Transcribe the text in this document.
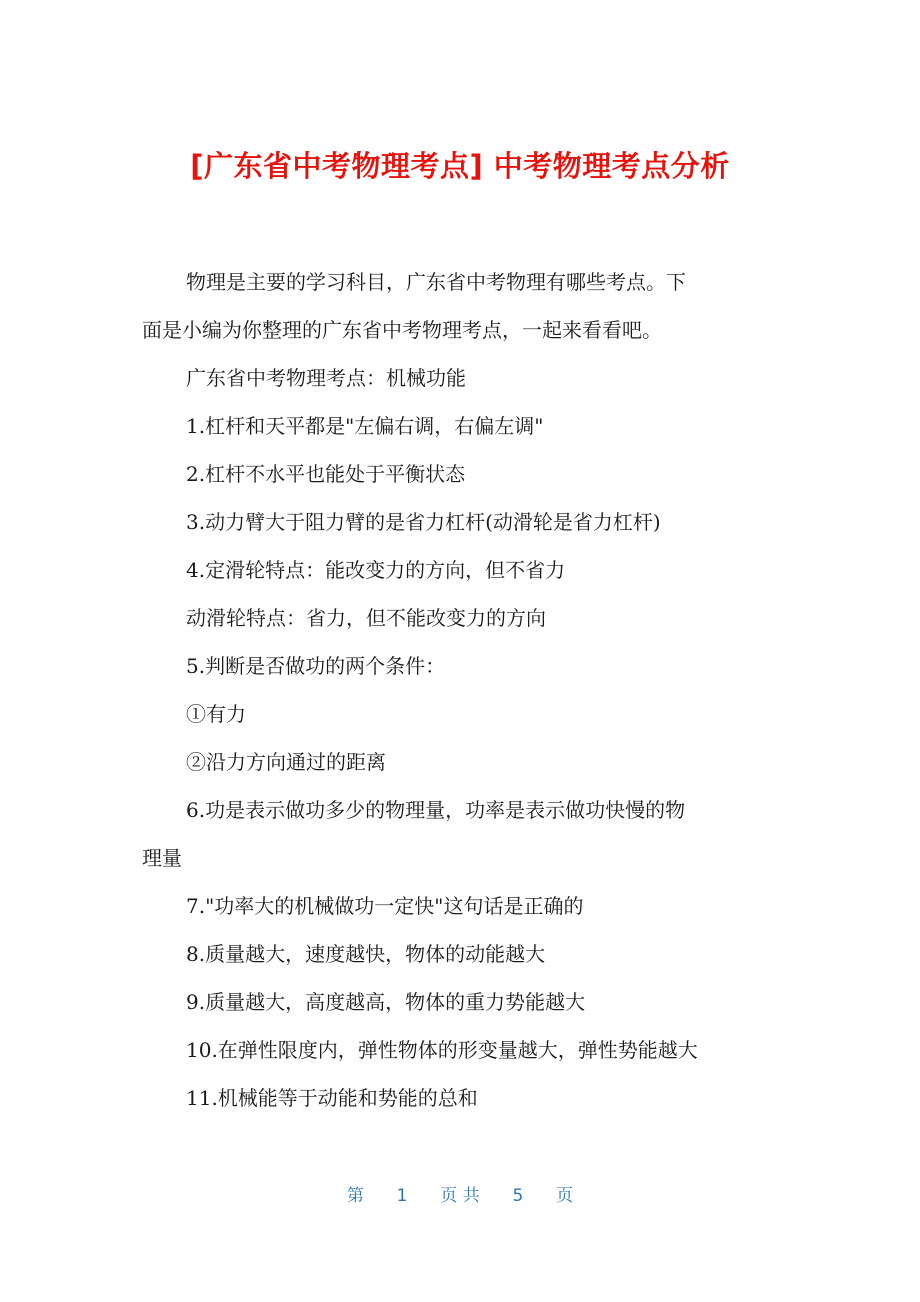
[广东省中考物理考点] 中考物理考点分析

物理是主要的学习科目，广东省中考物理有哪些考点。下

面是小编为你整理的广东省中考物理考点，一起来看看吧。

广东省中考物理考点：机械功能

1.杠杆和天平都是"左偏右调，右偏左调"

2.杠杆不水平也能处于平衡状态

3.动力臂大于阻力臂的是省力杠杆(动滑轮是省力杠杆)

4.定滑轮特点：能改变力的方向，但不省力

动滑轮特点：省力，但不能改变力的方向

5.判断是否做功的两个条件：

①有力

②沿力方向通过的距离

6.功是表示做功多少的物理量，功率是表示做功快慢的物

理量

7."功率大的机械做功一定快"这句话是正确的

8.质量越大，速度越快，物体的动能越大

9.质量越大，高度越高，物体的重力势能越大

10.在弹性限度内，弹性物体的形变量越大，弹性势能越大

11.机械能等于动能和势能的总和

第 1 页 共 5 页
